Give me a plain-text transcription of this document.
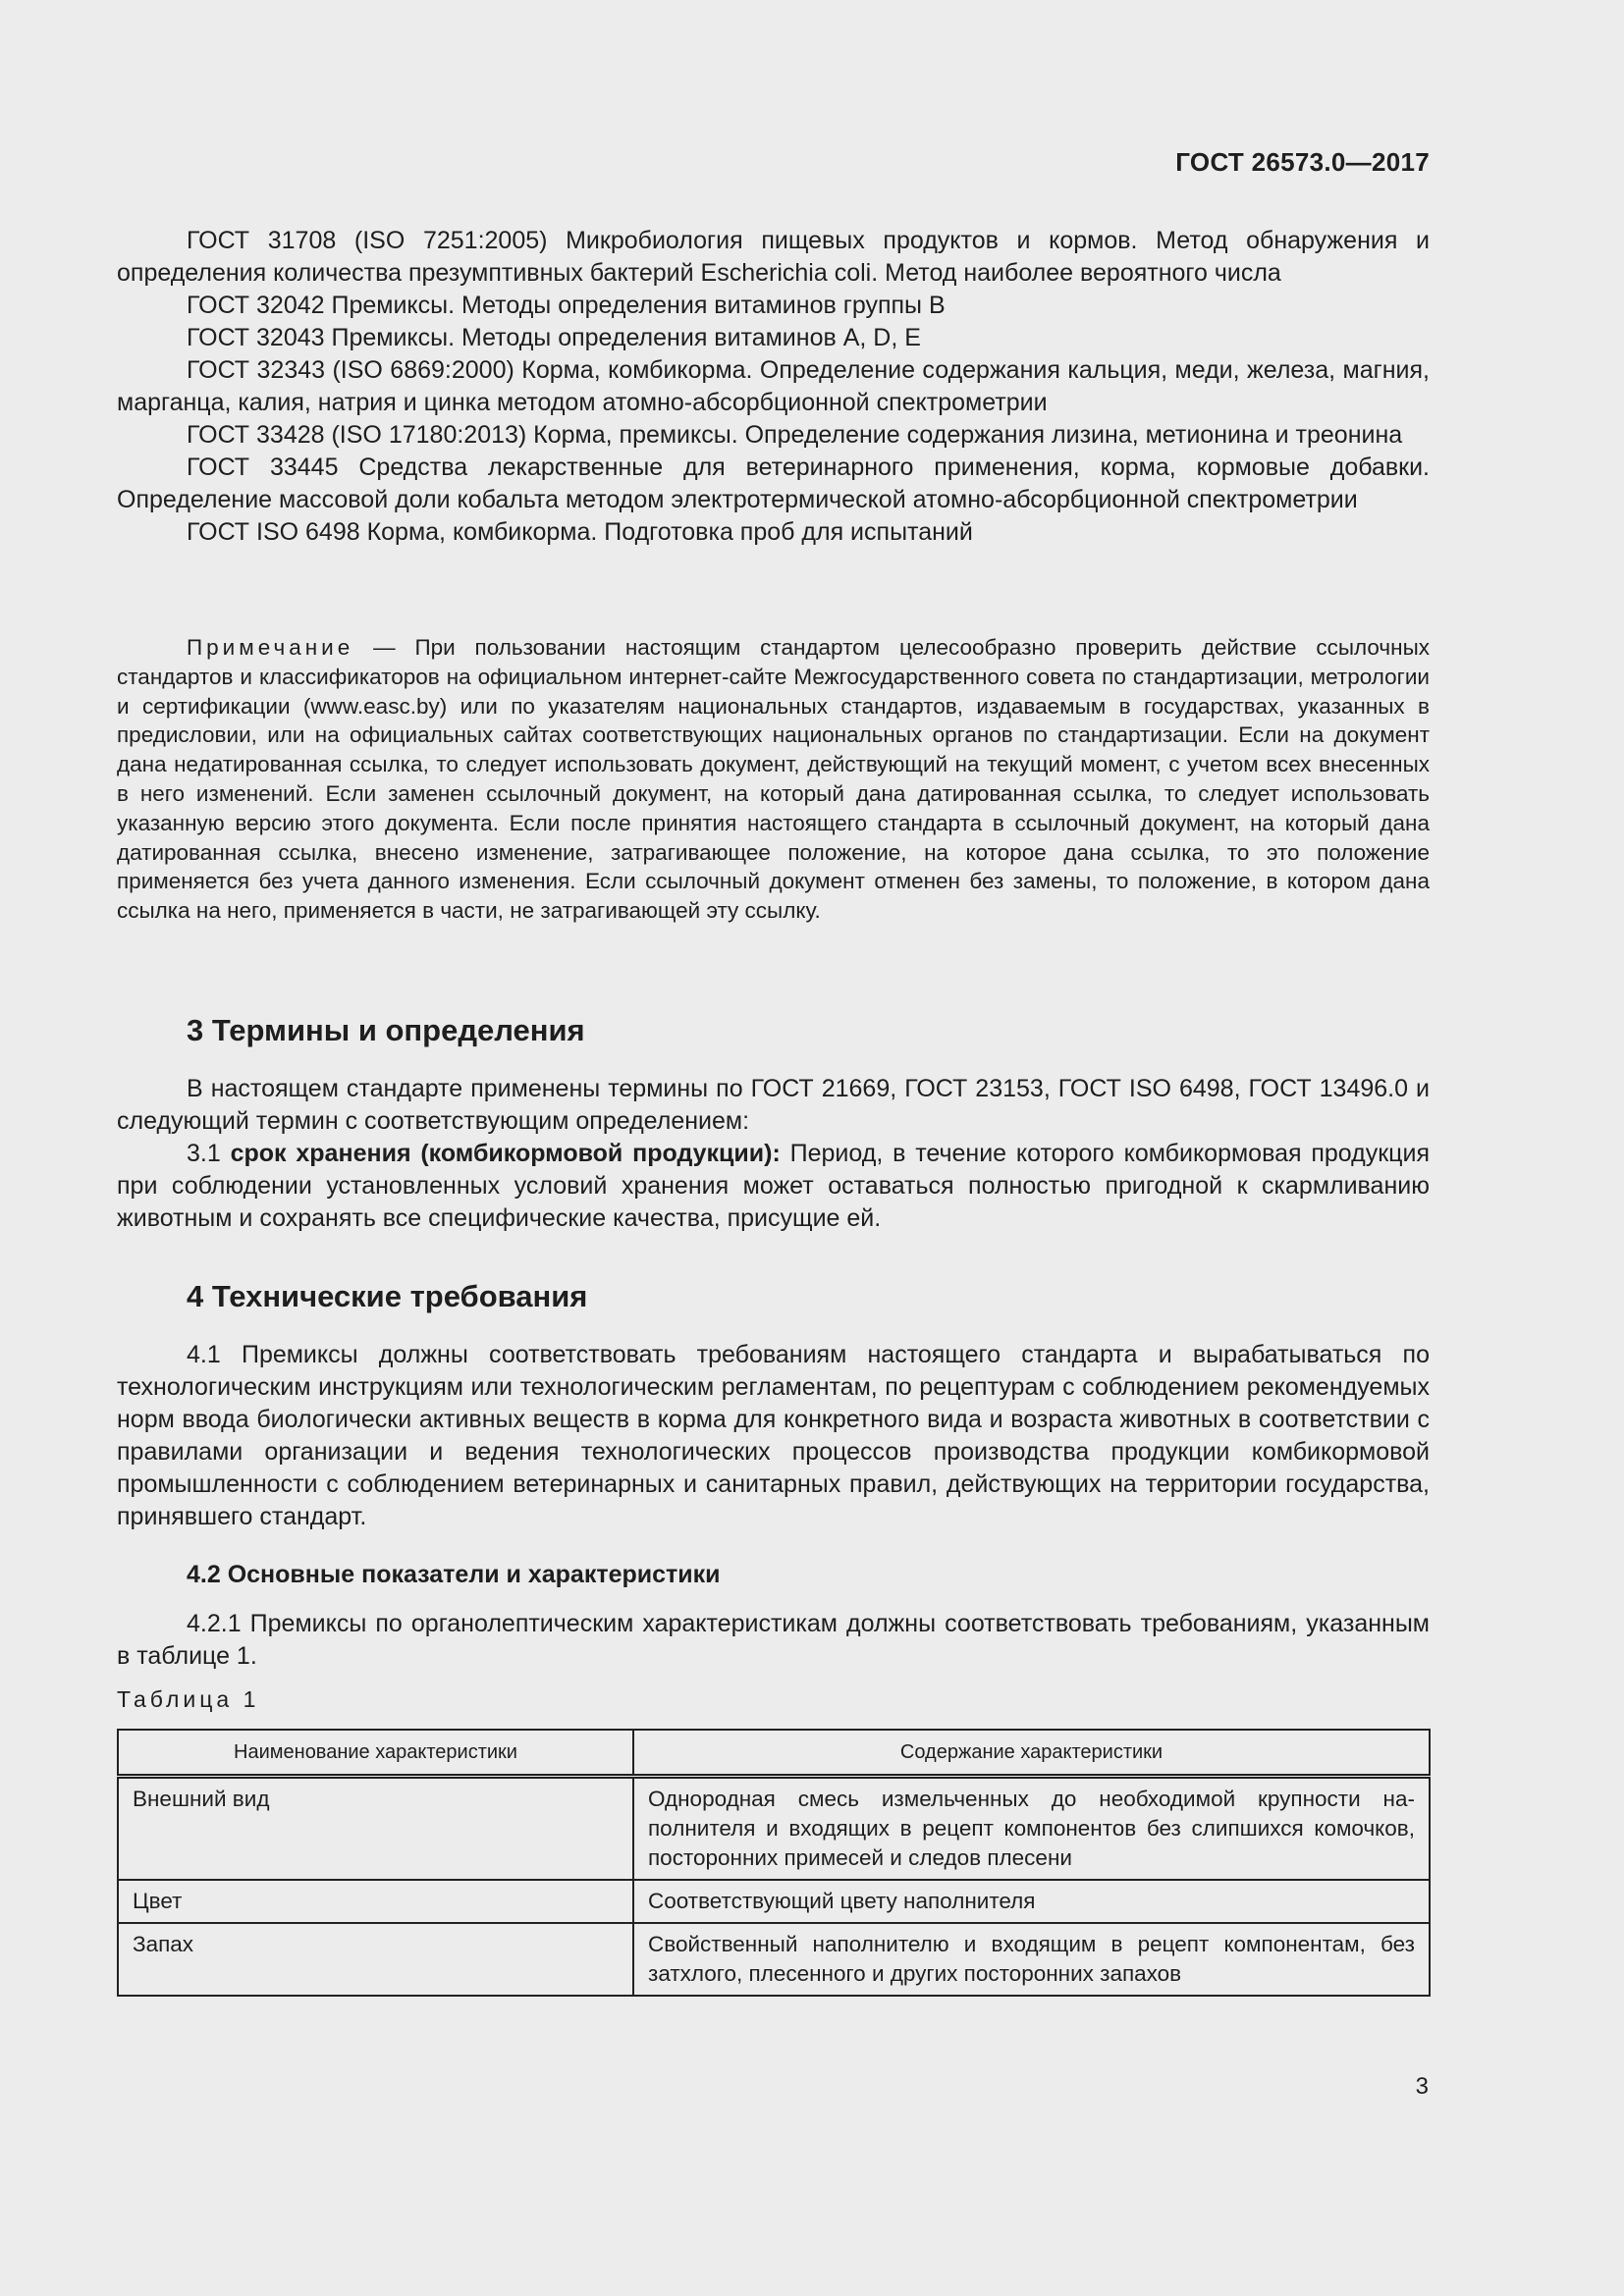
ГОСТ 26573.0—2017

ГОСТ 31708 (ISO 7251:2005) Микробиология пищевых продуктов и кормов. Метод обнаружения и определения количества презумптивных бактерий Escherichia coli. Метод наиболее вероятного числа

ГОСТ 32042 Премиксы. Методы определения витаминов группы В

ГОСТ 32043 Премиксы. Методы определения витаминов А, D, Е

ГОСТ 32343 (ISO 6869:2000) Корма, комбикорма. Определение содержания кальция, меди, железа, магния, марганца, калия, натрия и цинка методом атомно-абсорбционной спектрометрии

ГОСТ 33428 (ISO 17180:2013) Корма, премиксы. Определение содержания лизина, метионина и треонина

ГОСТ 33445 Средства лекарственные для ветеринарного применения, корма, кормовые добавки. Определение массовой доли кобальта методом электротермической атомно-абсорбционной спектрометрии

ГОСТ ISO 6498 Корма, комбикорма. Подготовка проб для испытаний

Примечание — При пользовании настоящим стандартом целесообразно проверить действие ссылочных стандартов и классификаторов на официальном интернет-сайте Межгосударственного совета по стандартизации, метрологии и сертификации (www.easc.by) или по указателям национальных стандартов, издаваемым в государствах, указанных в предисловии, или на официальных сайтах соответствующих национальных органов по стандартизации. Если на документ дана недатированная ссылка, то следует использовать документ, действующий на текущий момент, с учетом всех внесенных в него изменений. Если заменен ссылочный документ, на который дана датированная ссылка, то следует использовать указанную версию этого документа. Если после принятия настоящего стандарта в ссылочный документ, на который дана датированная ссылка, внесено изменение, затрагивающее положение, на которое дана ссылка, то это положение применяется без учета данного изменения. Если ссылочный документ отменен без замены, то положение, в котором дана ссылка на него, применяется в части, не затрагивающей эту ссылку.
3 Термины и определения

В настоящем стандарте применены термины по ГОСТ 21669, ГОСТ 23153, ГОСТ ISO 6498, ГОСТ 13496.0 и следующий термин с соответствующим определением:

3.1 срок хранения (комбикормовой продукции): Период, в течение которого комбикормовая продукция при соблюдении установленных условий хранения может оставаться полностью пригодной к скармливанию животным и сохранять все специфические качества, присущие ей.

4 Технические требования

4.1 Премиксы должны соответствовать требованиям настоящего стандарта и вырабатываться по технологическим инструкциям или технологическим регламентам, по рецептурам с соблюдением рекомендуемых норм ввода биологически активных веществ в корма для конкретного вида и возраста животных в соответствии с правилами организации и ведения технологических процессов производства продукции комбикормовой промышленности с соблюдением ветеринарных и санитарных правил, действующих на территории государства, принявшего стандарт.

4.2 Основные показатели и характеристики

4.2.1 Премиксы по органолептическим характеристикам должны соответствовать требованиям, указанным в таблице 1.

Таблица 1
Наименование характеристики	Содержание характеристики
Внешний вид	Однородная смесь измельченных до необходимой крупности наполнителя и входящих в рецепт компонентов без слипшихся комочков, посторонних примесей и следов плесени
Цвет	Соответствующий цвету наполнителя
Запах	Свойственный наполнителю и входящим в рецепт компонентам, без затхлого, плесенного и других посторонних запахов
3
